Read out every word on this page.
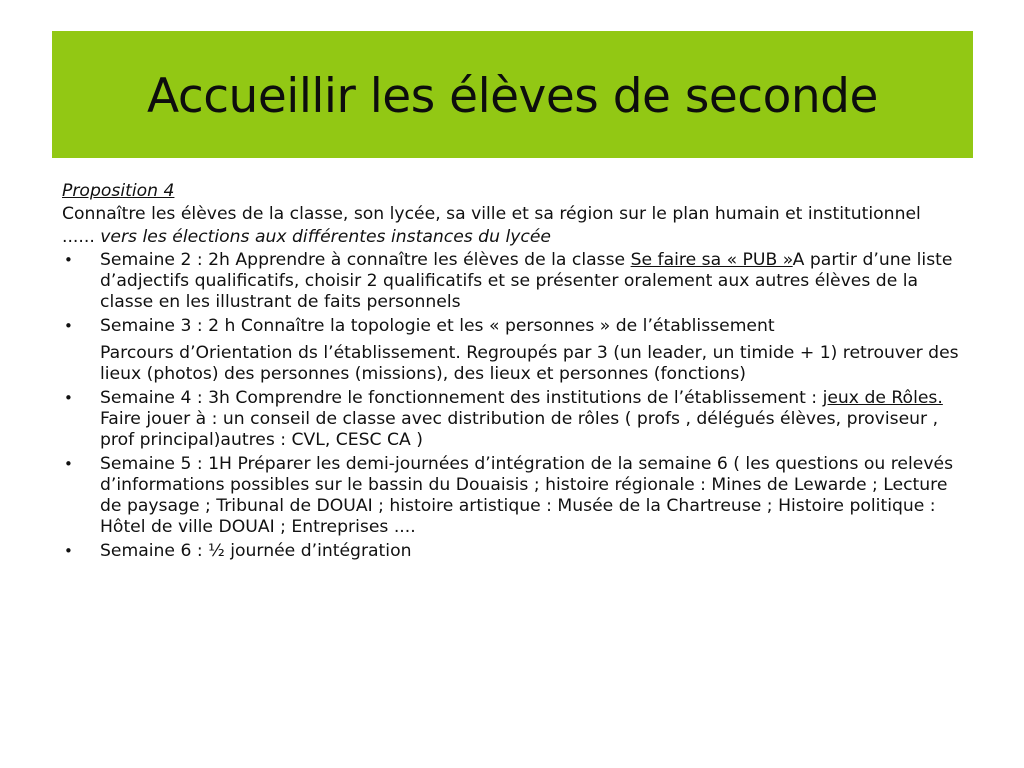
Accueillir les élèves de seconde
Proposition 4
Connaître les élèves de la classe, son lycée, sa ville et sa région sur le plan humain et institutionnel
...... vers les élections aux différentes instances du lycée
• Semaine 2 : 2h Apprendre à connaître les élèves de la classe Se faire sa « PUB »A partir d’une liste d’adjectifs qualificatifs, choisir 2 qualificatifs et se présenter oralement aux autres élèves de la classe en les illustrant de faits personnels
• Semaine 3 : 2 h Connaître la topologie et les « personnes » de l’établissement
Parcours d’Orientation ds l’établissement. Regroupés par 3 (un leader, un timide + 1) retrouver des lieux (photos) des personnes (missions), des lieux et personnes (fonctions)
• Semaine 4 : 3h Comprendre le fonctionnement des institutions de l’établissement : jeux de Rôles. Faire jouer à : un conseil de classe avec distribution de rôles ( profs , délégués élèves, proviseur , prof principal)autres : CVL, CESC CA )
• Semaine 5 : 1H Préparer les demi-journées d’intégration de la semaine 6 ( les questions ou relevés d’informations possibles sur le bassin du Douaisis ; histoire régionale : Mines de Lewarde ; Lecture de paysage ; Tribunal de DOUAI ; histoire artistique : Musée de la Chartreuse ; Histoire politique : Hôtel de ville DOUAI ; Entreprises ....
• Semaine 6 : ½ journée d’intégration
